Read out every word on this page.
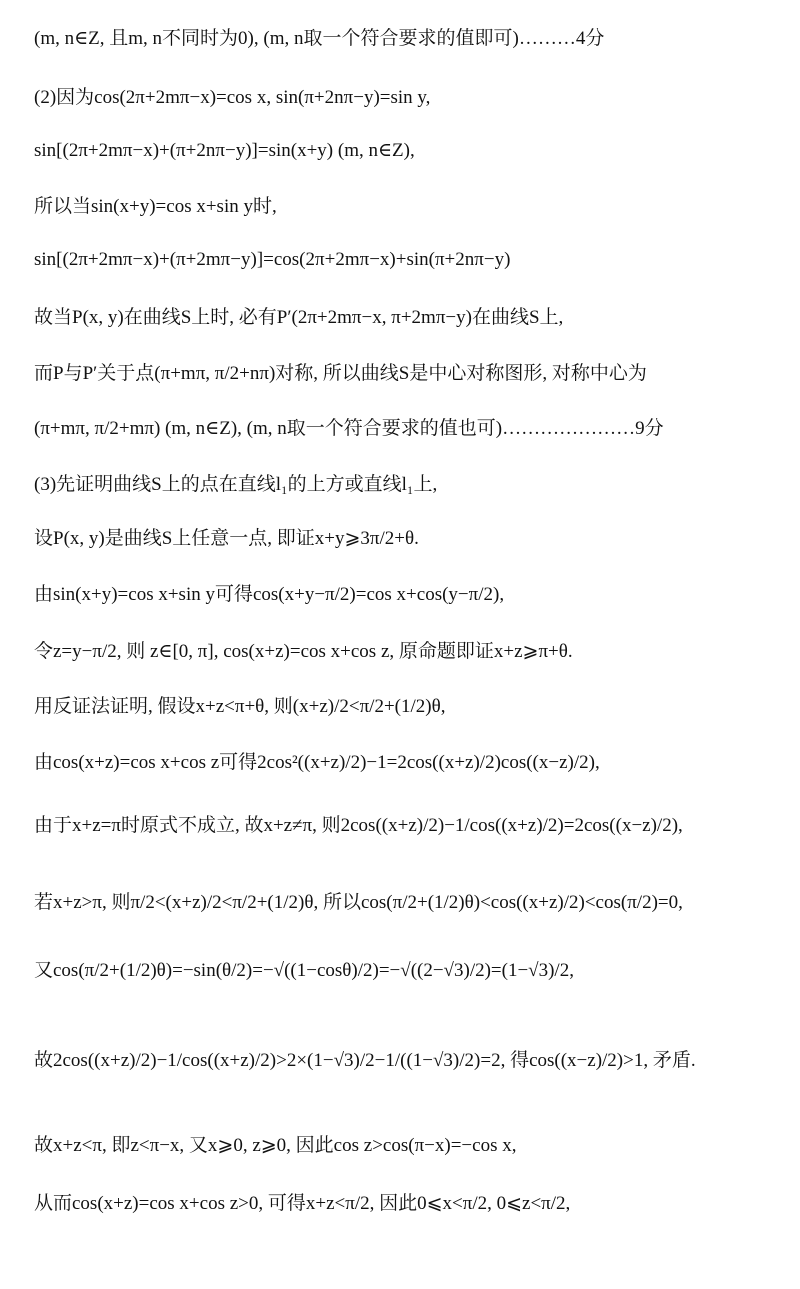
(m, n∈Z, 且m, n不同时为0), (m, n取一个符合要求的值即可)………4分
(2)因为cos(2π+2mπ−x)=cos x, sin(π+2nπ−y)=sin y,
sin[(2π+2mπ−x)+(π+2nπ−y)]=sin(x+y) (m, n∈Z),
所以当sin(x+y)=cos x+sin y时,
sin[(2π+2mπ−x)+(π+2mπ−y)]=cos(2π+2mπ−x)+sin(π+2nπ−y)
故当P(x, y)在曲线S上时, 必有P′(2π+2mπ−x, π+2mπ−y)在曲线S上,
而P与P′关于点(π+mπ, π/2+nπ)对称, 所以曲线S是中心对称图形, 对称中心为
(π+mπ, π/2+mπ) (m, n∈Z), (m, n取一个符合要求的值也可)…………………9分
(3)先证明曲线S上的点在直线l₁的上方或直线l₁上,
设P(x, y)是曲线S上任意一点, 即证x+y⩾3π/2+θ.
由sin(x+y)=cos x+sin y可得cos(x+y−π/2)=cos x+cos(y−π/2),
令z=y−π/2, 则 z∈[0, π], cos(x+z)=cos x+cos z, 原命题即证x+z⩾π+θ.
用反证法证明, 假设x+z<π+θ, 则(x+z)/2<π/2+(1/2)θ,
由cos(x+z)=cos x+cos z可得2cos²((x+z)/2)−1=2cos((x+z)/2)cos((x−z)/2),
由于x+z=π时原式不成立, 故x+z≠π, 则2cos((x+z)/2)−1/cos((x+z)/2)=2cos((x−z)/2),
若x+z>π, 则π/2<(x+z)/2<π/2+(1/2)θ, 所以cos(π/2+(1/2)θ)<cos((x+z)/2)<cos(π/2)=0,
又cos(π/2+(1/2)θ)=−sin(θ/2)=−√((1−cosθ)/2)=−√((2−√3)/2)=(1−√3)/2,
故2cos((x+z)/2)−1/cos((x+z)/2)>2×(1−√3)/2−1/((1−√3)/2)=2, 得cos((x−z)/2)>1, 矛盾.
故x+z<π, 即z<π−x, 又x⩾0, z⩾0, 因此cos z>cos(π−x)=−cos x,
从而cos(x+z)=cos x+cos z>0, 可得x+z<π/2, 因此0⩽x<π/2, 0⩽z<π/2,
